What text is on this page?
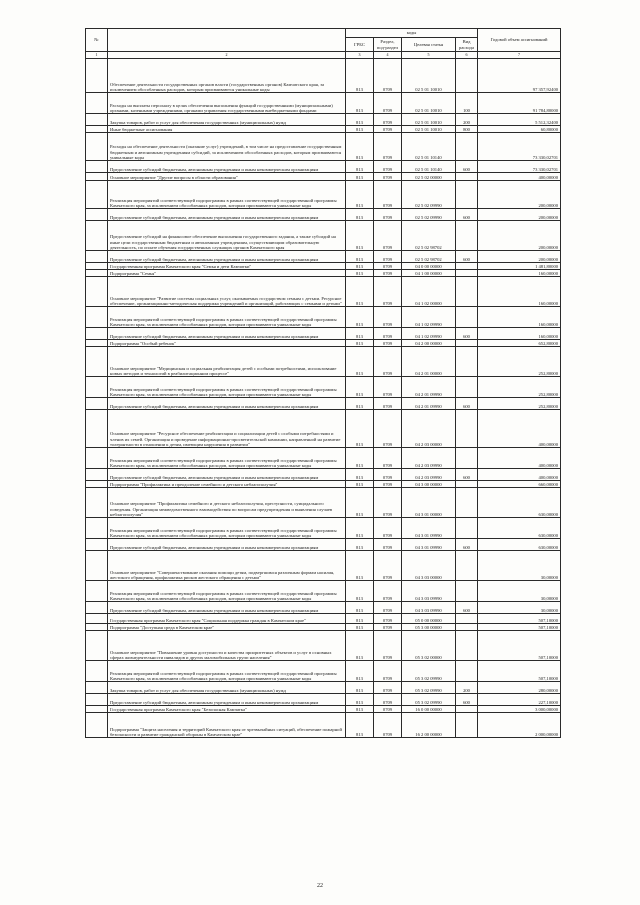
№		коды				Годовой объем ассигнований
		ГРБС	Раздел, под-раздел	Целевая статья	Вид расхода	
1	2	3	4	5	6	7
	Обеспечение деятельности государственных органов власти (государственных органов) Камчатского края, за исключением обособленных расходов, которым присваиваются уникальные коды	813	0709	02 5 01 10010		97 357,92400
	Расходы на выплаты персоналу в целях обеспечения выполнения функций государственными (муниципальными) органами, казенными учреждениями, органами управления государственными внебюджетными фондами	813	0709	02 5 01 10010	100	91 784,80000
	Закупка товаров, работ и услуг для обеспечения государственных (муниципальных) нужд	813	0709	02 5 01 10010	200	5 512,32400
	Иные бюджетные ассигнования	813	0709	02 5 01 10010	800	60,80000
	Расходы на обеспечение деятельности (оказание услуг) учреждений, в том числе на предоставление государственным бюджетным и автономным учреждениям субсидий, за исключением обособленных расходов, которым присваиваются уникальные коды	813	0709	02 5 01 10140		73 330,02701
	Предоставление субсидий бюджетным, автономным учреждениям и иным некоммерческим организациям	813	0709	02 5 01 10140	600	73 330,02701
	Основное мероприятие "Другие вопросы в области образования"	813	0709	02 5 02 00000		400,00000
	Реализация мероприятий соответствующей подпрограммы в рамках соответствующей государственной программы Камчатского края, за исключением обособленных расходов, которым присваиваются уникальные коды	813	0709	02 5 02 09990		200,00000
	Предоставление субсидий бюджетным, автономным учреждениям и иным некоммерческим организациям	813	0709	02 5 02 09990	600	200,00000
	Предоставление субсидий на финансовое обеспечение выполнения государственного задания, а также субсидий на иные цели государственным бюджетным и автономным учреждениям, осуществляющим образовательную деятельность, по оплате обучения государственных служащих органов Камчатского края	813	0709	02 5 02 98702		200,00000
	Предоставление субсидий бюджетным, автономным учреждениям и иным некоммерческим организациям	813	0709	02 5 02 98702	600	200,00000
	Государственная программа Камчатского края "Семья и дети Камчатки"	813	0709	04 0 00 00000		1 481,80000
	Подпрограмма "Семья"	813	0709	04 1 00 00000		160,00000
	Основное мероприятие "Развитие системы социальных услуг, оказываемых государством семьям с детьми. Ресурсное обеспечение, организационно-методическая поддержка учреждений и организаций, работающих с семьями и детьми"	813	0709	04 1 02 00000		160,00000
	Реализация мероприятий соответствующей подпрограммы в рамках соответствующей государственной программы Камчатского края, за исключением обособленных расходов, которым присваиваются уникальные коды	813	0709	04 1 02 09990		160,00000
	Предоставление субсидий бюджетным, автономным учреждениям и иным некоммерческим организациям	813	0709	04 1 02 09990	600	160,00000
	Подпрограмма "Особый ребенок"	813	0709	04 2 00 00000		652,80000
	Основное мероприятие "Медицинская и социальная реабилитация детей с особыми потребностями, использование новых методов и технологий в реабилитационном процессе"	813	0709	04 2 01 00000		252,80000
	Реализация мероприятий соответствующей подпрограммы в рамках соответствующей государственной программы Камчатского края, за исключением обособленных расходов, которым присваиваются уникальные коды	813	0709	04 2 01 09990		252,80000
	Предоставление субсидий бюджетным, автономным учреждениям и иным некоммерческим организациям	813	0709	04 2 01 09990	600	252,80000
	Основное мероприятие "Ресурсное обеспечение реабилитации и социализации детей с особыми потребностями и членов их семей. Организация и проведение информационно-просветительской кампании, направленной на развитие толерантности в отношении к детям, имеющим нарушения в развитии"	813	0709	04 2 03 00000		400,00000
	Реализация мероприятий соответствующей подпрограммы в рамках соответствующей государственной программы Камчатского края, за исключением обособленных расходов, которым присваиваются уникальные коды	813	0709	04 2 03 09990		400,00000
	Предоставление субсидий бюджетным, автономным учреждениям и иным некоммерческим организациям	813	0709	04 2 03 09990	600	400,00000
	Подпрограмма "Профилактика и преодоление семейного и детского неблагополучия"	813	0709	04 3 00 00000		660,00000
	Основное мероприятие "Профилактика семейного и детского неблагополучия, преступности, суицидального поведения. Организация межведомственного взаимодействия по вопросам предупреждения и выявления случаев неблагополучия"	813	0709	04 3 01 00000		630,00000
	Реализация мероприятий соответствующей подпрограммы в рамках соответствующей государственной программы Камчатского края, за исключением обособленных расходов, которым присваиваются уникальные коды	813	0709	04 3 01 09990		630,00000
	Предоставление субсидий бюджетным, автономным учреждениям и иным некоммерческим организациям	813	0709	04 3 01 09990	600	630,00000
	Основное мероприятие "Совершенствование оказания помощи детям, подвергшимся различным формам насилия, жестокого обращения, профилактика рисков жестокого обращения с детьми"	813	0709	04 3 03 00000		30,00000
	Реализация мероприятий соответствующей подпрограммы в рамках соответствующей государственной программы Камчатского края, за исключением обособленных расходов, которым присваиваются уникальные коды	813	0709	04 3 03 09990		30,00000
	Предоставление субсидий бюджетным, автономным учреждениям и иным некоммерческим организациям	813	0709	04 3 03 09990	600	30,00000
	Государственная программа Камчатского края "Социальная поддержка граждан в Камчатском крае"	813	0709	05 0 00 00000		507,10000
	Подпрограмма "Доступная среда в Камчатском крае"	813	0709	05 3 00 00000		507,10000
	Основное мероприятие "Повышение уровня доступности и качества приоритетных объектов и услуг в основных сферах жизнедеятельности инвалидов и других маломобильных групп населения"	813	0709	05 3 02 00000		507,10000
	Реализация мероприятий соответствующей подпрограммы в рамках соответствующей государственной программы Камчатского края, за исключением обособленных расходов, которым присваиваются уникальные коды	813	0709	05 3 02 09990		507,10000
	Закупка товаров, работ и услуг для обеспечения государственных (муниципальных) нужд	813	0709	05 3 02 09990	200	280,00000
	Предоставление субсидий бюджетным, автономным учреждениям и иным некоммерческим организациям	813	0709	05 3 02 09990	600	227,10000
	Государственная программа Камчатского края "Безопасная Камчатка"	813	0709	16 0 00 00000		3 000,00000
	Подпрограмма "Защита населения и территорий Камчатского края от чрезвычайных ситуаций, обеспечение пожарной безопасности и развитие гражданской обороны в Камчатском крае"	813	0709	16 2 00 00000		2 000,00000
22
